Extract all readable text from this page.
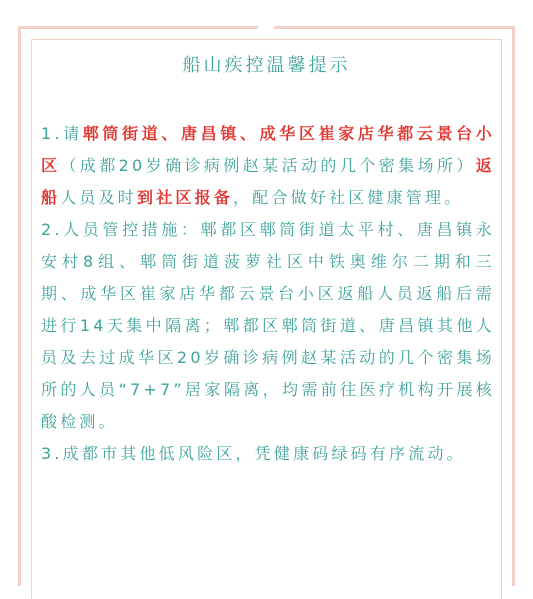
船山疾控温馨提示

1.请郫筒街道、唐昌镇、成华区崔家店华都云景台小区（成都20岁确诊病例赵某活动的几个密集场所）返船人员及时到社区报备，配合做好社区健康管理。

2.人员管控措施：郫都区郫筒街道太平村、唐昌镇永安村8组、郫筒街道菠萝社区中铁奥维尔二期和三期、成华区崔家店华都云景台小区返船人员返船后需进行14天集中隔离；郫都区郫筒街道、唐昌镇其他人员及去过成华区20岁确诊病例赵某活动的几个密集场所的人员“7+7”居家隔离，均需前往医疗机构开展核酸检测。

3.成都市其他低风险区，凭健康码绿码有序流动。
